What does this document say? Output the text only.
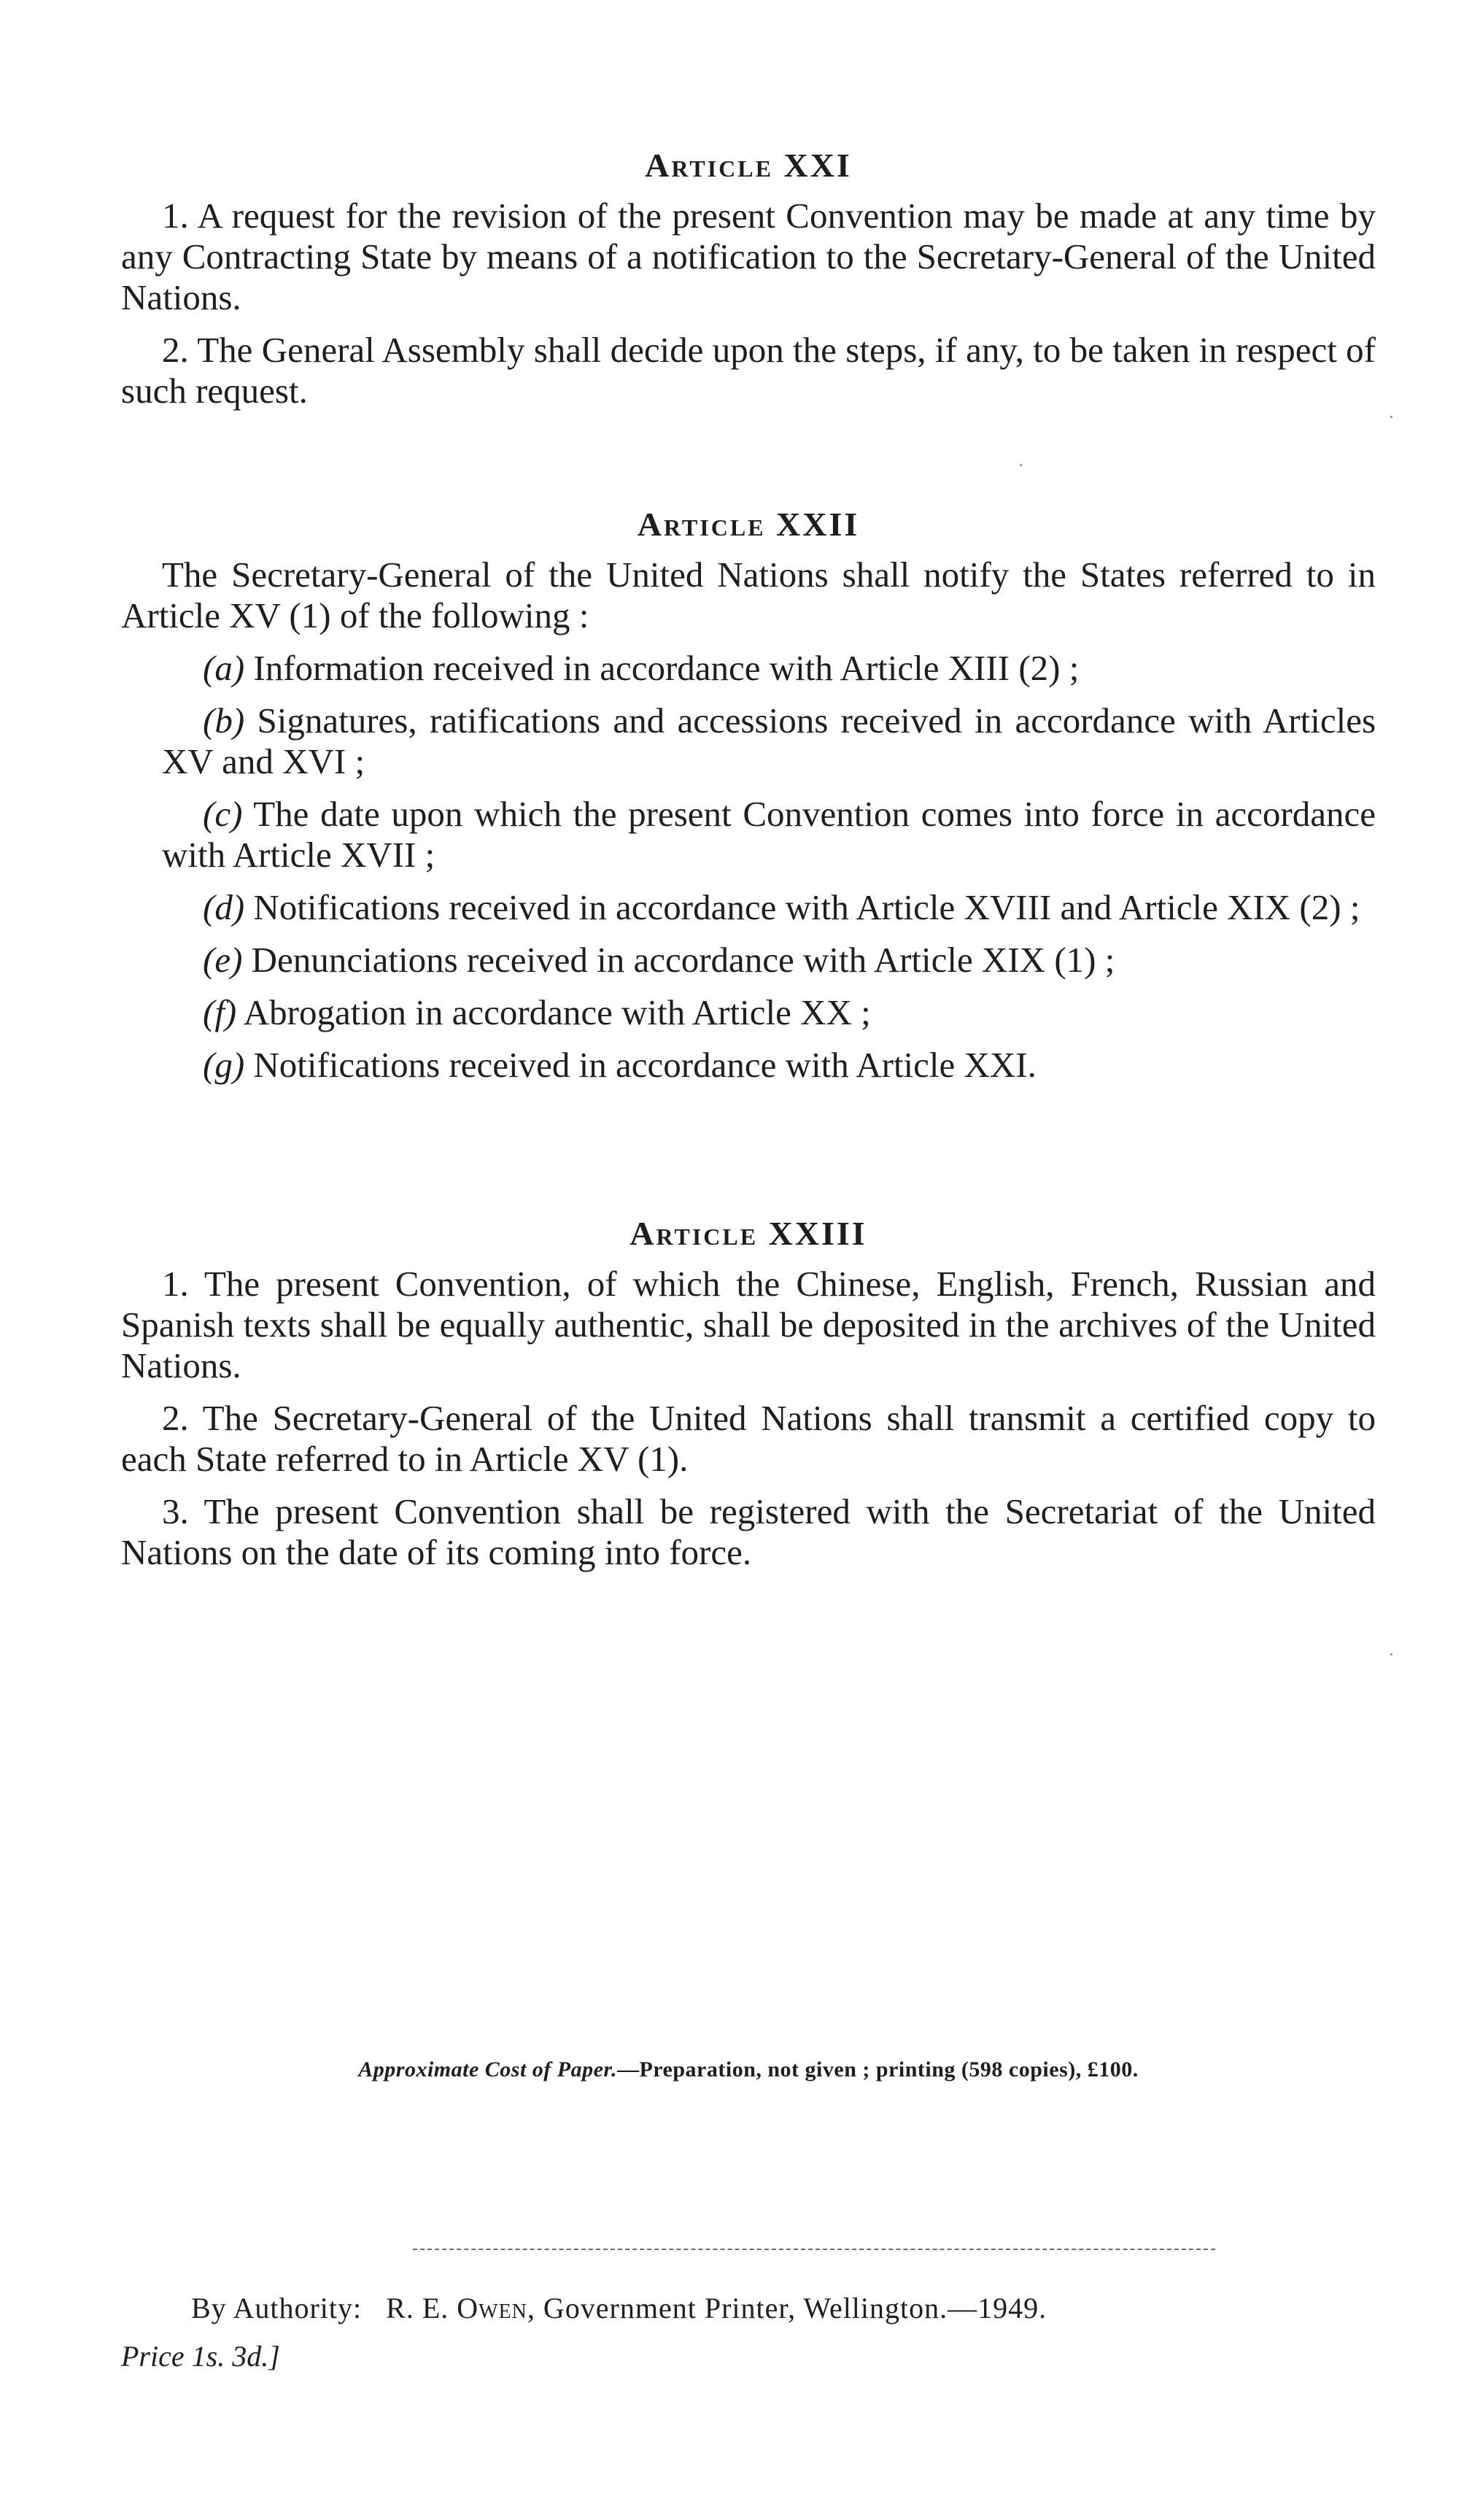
Article XXI

1. A request for the revision of the present Convention may be made at any time by any Contracting State by means of a notification to the Secretary-General of the United Nations.

2. The General Assembly shall decide upon the steps, if any, to be taken in respect of such request.

Article XXII

The Secretary-General of the United Nations shall notify the States referred to in Article XV (1) of the following :

(a) Information received in accordance with Article XIII (2) ;
(b) Signatures, ratifications and accessions received in accordance with Articles XV and XVI ;
(c) The date upon which the present Convention comes into force in accordance with Article XVII ;
(d) Notifications received in accordance with Article XVIII and Article XIX (2) ;
(e) Denunciations received in accordance with Article XIX (1) ;
(f) Abrogation in accordance with Article XX ;
(g) Notifications received in accordance with Article XXI.
Article XXIII

1. The present Convention, of which the Chinese, English, French, Russian and Spanish texts shall be equally authentic, shall be deposited in the archives of the United Nations.

2. The Secretary-General of the United Nations shall transmit a certified copy to each State referred to in Article XV (1).

3. The present Convention shall be registered with the Secretariat of the United Nations on the date of its coming into force.

Approximate Cost of Paper.—Preparation, not given ; printing (598 copies), £100.
By Authority: R. E. Owen, Government Printer, Wellington.—1949.
Price 1s. 3d.]
